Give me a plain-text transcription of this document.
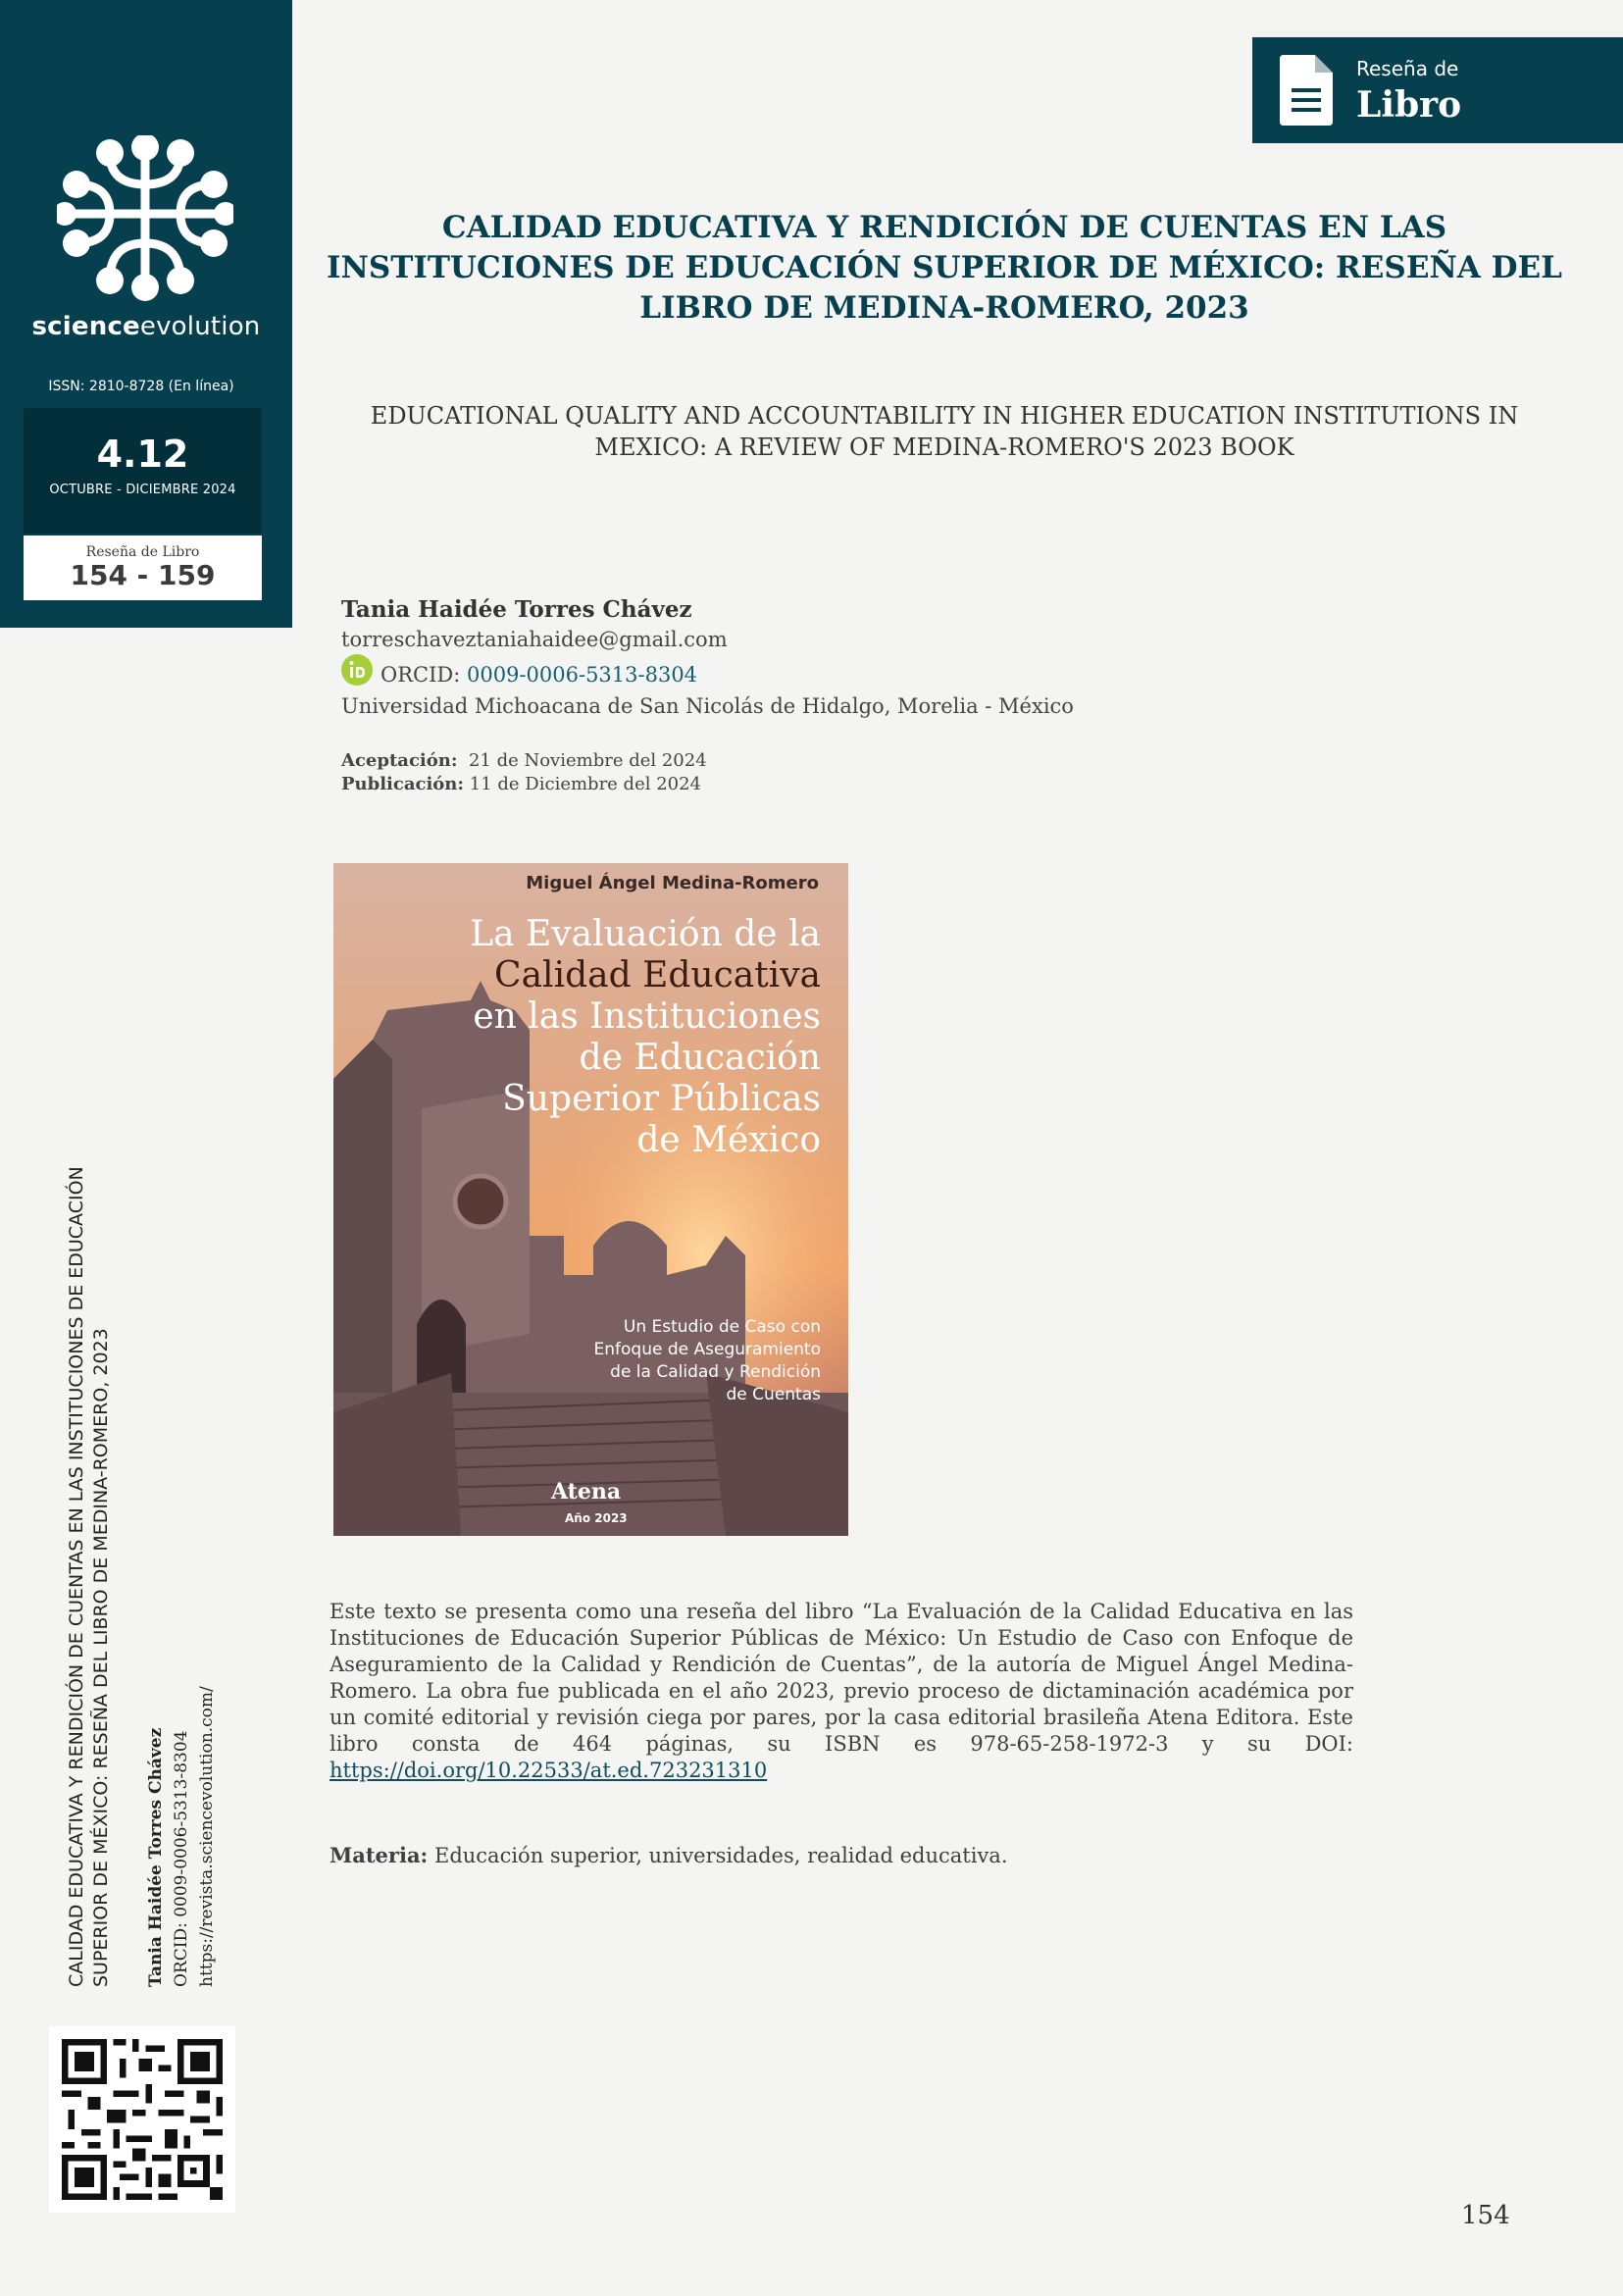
scienceevolution
ISSN: 2810-8728 (En línea)
4.12
OCTUBRE - DICIEMBRE 2024
Reseña de Libro
154 - 159
Reseña de
Libro
CALIDAD EDUCATIVA Y RENDICIÓN DE CUENTAS EN LAS
INSTITUCIONES DE EDUCACIÓN SUPERIOR DE MÉXICO: RESEÑA DEL
LIBRO DE MEDINA-ROMERO, 2023
EDUCATIONAL QUALITY AND ACCOUNTABILITY IN HIGHER EDUCATION INSTITUTIONS IN
MEXICO: A REVIEW OF MEDINA-ROMERO'S 2023 BOOK
Tania Haidée Torres Chávez
torreschaveztaniahaidee@gmail.com
ORCID: 0009-0006-5313-8304
Universidad Michoacana de San Nicolás de Hidalgo, Morelia - México
Aceptación: 21 de Noviembre del 2024
Publicación: 11 de Diciembre del 2024
Miguel Ángel Medina-Romero
La Evaluación de la
Calidad Educativa
en las Instituciones
de Educación
Superior Públicas
de México
Un Estudio de Caso con
Enfoque de Aseguramiento
de la Calidad y Rendición
de Cuentas
Atena
Año 2023

Este texto se presenta como una reseña del libro “La Evaluación de la Calidad Educativa en las Instituciones de Educación Superior Públicas de México: Un Estudio de Caso con Enfoque de Aseguramiento de la Calidad y Rendición de Cuentas”, de la autoría de Miguel Ángel Medina-Romero. La obra fue publicada en el año 2023, previo proceso de dictaminación académica por un comité editorial y revisión ciega por pares, por la casa editorial brasileña Atena Editora. Este libro consta de 464 páginas, su ISBN es 978-65-258-1972-3 y su DOI: https://doi.org/10.22533/at.ed.723231310

Materia: Educación superior, universidades, realidad educativa.

CALIDAD EDUCATIVA Y RENDICIÓN DE CUENTAS EN LAS INSTITUCIONES DE EDUCACIÓN SUPERIOR DE MÉXICO: RESEÑA DEL LIBRO DE MEDINA-ROMERO, 2023 Tania Haidée Torres Chávez ORCID: 0009-0006-5313-8304 https://revista.sciencevolution.com/
154
